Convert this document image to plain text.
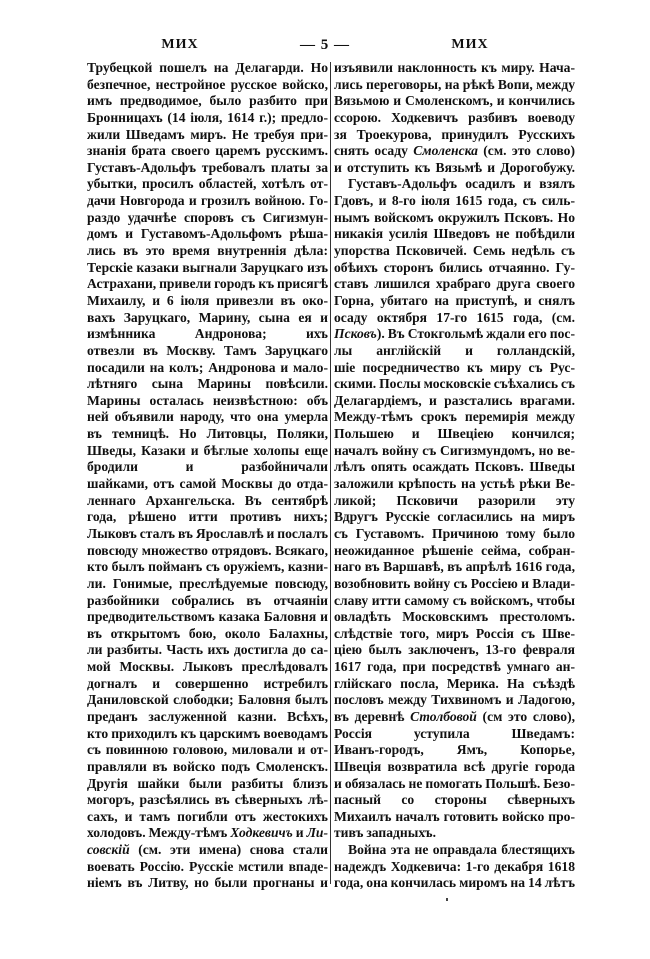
МИХ	— 5 —	МИХ
Трубецкой пошелъ на Делагарди. Но
безпечное, нестройное русское войско,
имъ предводимое, было разбито при
Бронницахъ (14 іюля, 1614 г.); предло-
жили Шведамъ миръ. Не требуя при-
знанія брата своего царемъ русскимъ.
Густавъ-Адольфъ требовалъ платы за
убытки, просилъ областей, хотѣлъ от-
дачи Новгорода и грозилъ войною. Го-
раздо удачнѣе споровъ съ Сигизмун-
домъ и Густавомъ-Адольфомъ рѣша-
лись въ это время внутреннія дѣла:
Терскіе казаки выгнали Заруцкаго изъ
Астрахани, привели городъ къ присягѣ
Михаилу, и 6 іюля привезли въ око-
вахъ Заруцкаго, Марину, сына ея и
измѣнника Андронова; ихъ
отвезли въ Москву. Тамъ Заруцкаго
посадили на колъ; Андронова и мало-
лѣтняго сына Марины повѣсили.
Марины осталась неизвѣстною: объ
ней объявили народу, что она умерла
въ темницѣ. Но Литовцы, Поляки,
Шведы, Казаки и бѣглые холопы еще
бродили и разбойничали
шайками, отъ самой Москвы до отда-
леннаго Архангельска. Въ сентябрѣ
года, рѣшено итти противъ нихъ;
Лыковъ сталъ въ Ярославлѣ и послалъ
повсюду множество отрядовъ. Всякаго,
кто былъ пойманъ съ оружіемъ, казни-
ли. Гонимые, преслѣдуемые повсюду,
разбойники собрались въ отчаяніи
предводительствомъ казака Баловня и
въ открытомъ бою, около Балахны,
ли разбиты. Часть ихъ достигла до са-
мой Москвы. Лыковъ преслѣдовалъ
догналъ и совершенно истребилъ
Даниловской слободки; Баловня былъ
преданъ заслуженной казни. Всѣхъ,
кто приходилъ къ царскимъ воеводамъ
съ повинною головою, миловали и от-
правляли въ войско подъ Смоленскъ.
Другія шайки были разбиты близъ
могоръ, разсѣялись въ сѣверныхъ лѣ-
сахъ, и тамъ погибли отъ жестокихъ
холодовъ. Между-тѣмъ Ходкевичъ и Ли-
совскій (см. эти имена) снова стали
воевать Россію. Русскіе мстили впаде-
ніемъ въ Литву, но были прогнаны и
изъявили наклонность къ миру. Нача-
лись переговоры, на рѣкѣ Вопи, между
Вязьмою и Смоленскомъ, и кончились
ссорою. Ходкевичъ разбивъ воеводу
зя Троекурова, принудилъ Русскихъ
снять осаду Смоленска (см. это слово)
и отступить къ Вязьмѣ и Дорогобужу.
Густавъ-Адольфъ осадилъ и взялъ
Гдовъ, и 8-го іюля 1615 года, съ силь-
нымъ войскомъ окружилъ Псковъ. Но
никакія усилія Шведовъ не побѣдили
упорства Псковичей. Семь недѣль съ
обѣихъ сторонъ бились отчаянно. Гу-
ставъ лишился храбраго друга своего
Горна, убитаго на приступѣ, и снялъ
осаду октября 17-го 1615 года, (см.
Псковъ). Въ Стокгольмѣ ждали его пос-
лы англійскій и голландскій,
шіе посредничество къ миру съ Рус-
скими. Послы московскіе съѣхались съ
Делагардіемъ, и разстались врагами.
Между-тѣмъ срокъ перемирія между
Польшею и Швеціею кончился;
началъ войну съ Сигизмундомъ, но ве-
лѣлъ опять осаждать Псковъ. Шведы
заложили крѣпость на устьѣ рѣки Ве-
ликой; Псковичи разорили эту
Вдругъ Русскіе согласились на миръ
съ Густавомъ. Причиною тому было
неожиданное рѣшеніе сейма, собран-
наго въ Варшавѣ, въ апрѣлѣ 1616 года,
возобновить войну съ Россіею и Влади-
славу итти самому съ войскомъ, чтобы
овладѣть Московскимъ престоломъ.
слѣдствіе того, миръ Россія съ Шве-
ціею былъ заключенъ, 13-го февраля
1617 года, при посредствѣ умнаго ан-
глійскаго посла, Мерика. На съѣздѣ
пословъ между Тихвиномъ и Ладогою,
въ деревнѣ Столбовой (см это слово),
Россія уступила Шведамъ:
Иванъ-городъ, Ямъ, Копорье,
Швеція возвратила всѣ другіе города
и обязалась не помогать Польшѣ. Безо-
пасный со стороны сѣверныхъ
Михаилъ началъ готовить войско про-
тивъ западныхъ.
Война эта не оправдала блестящихъ
надеждъ Ходкевича: 1-го декабря 1618
года, она кончилась миромъ на 14 лѣтъ
